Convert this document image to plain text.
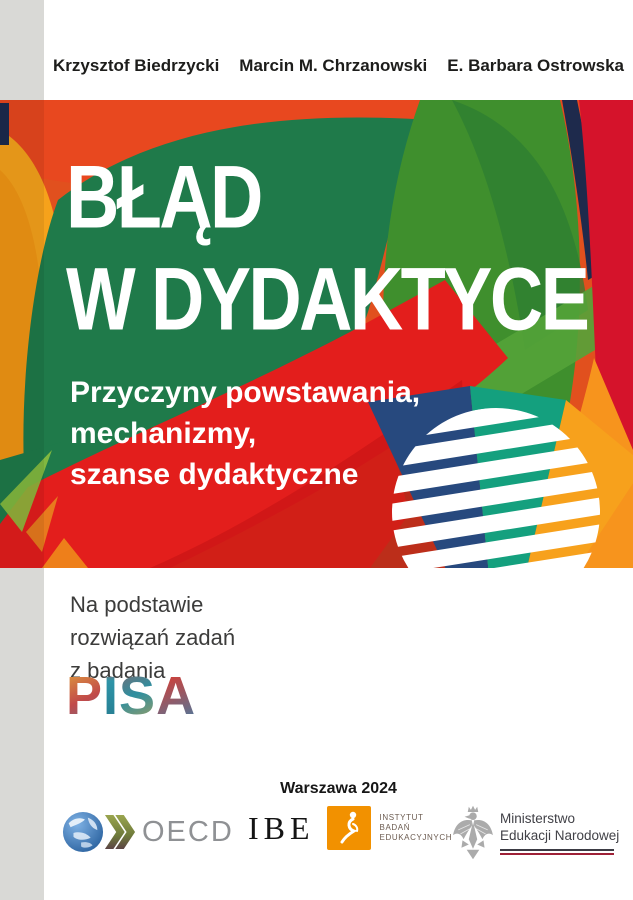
Krzysztof Biedrzycki Marcin M. Chrzanowski E. Barbara Ostrowska
BŁĄD
W DYDAKTYCE
Przyczyny powstawania,
mechanizmy,
szanse dydaktyczne
Na podstawie
rozwiązań zadań
z badania
PISA
Warszawa 2024
OECD IBE	INSTYTUT
BADAŃ
EDUKACYJNYCH
Ministerstwo
Edukacji Narodowej
